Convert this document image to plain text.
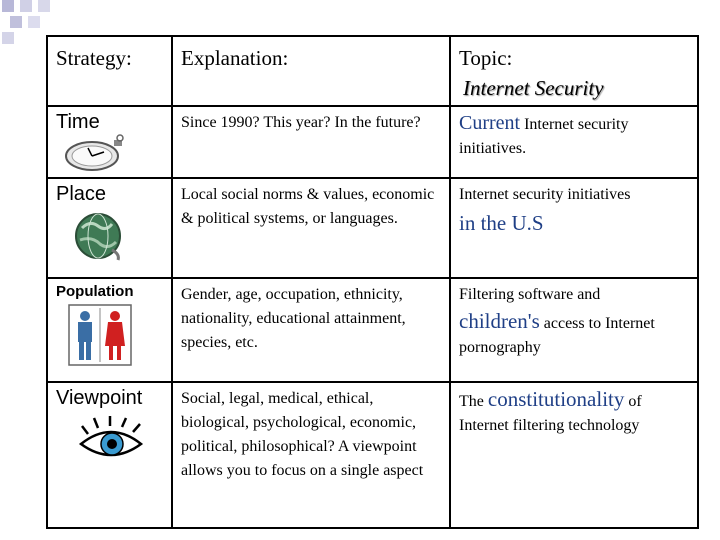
Strategy:	Explanation:	Topic:
Internet Security

Time	Since 1990? This year? In the future?	Current Internet security initiatives.

Place	Local social norms & values, economic & political systems, or languages.	Internet security initiatives
in the U.S

Population	Gender, age, occupation, ethnicity, nationality, educational attainment, species, etc.	Filtering software and
children's access to Internet pornography

Viewpoint	Social, legal, medical, ethical, biological, psychological, economic, political, philosophical? A viewpoint allows you to focus on a single aspect	The constitutionality of Internet filtering technology
